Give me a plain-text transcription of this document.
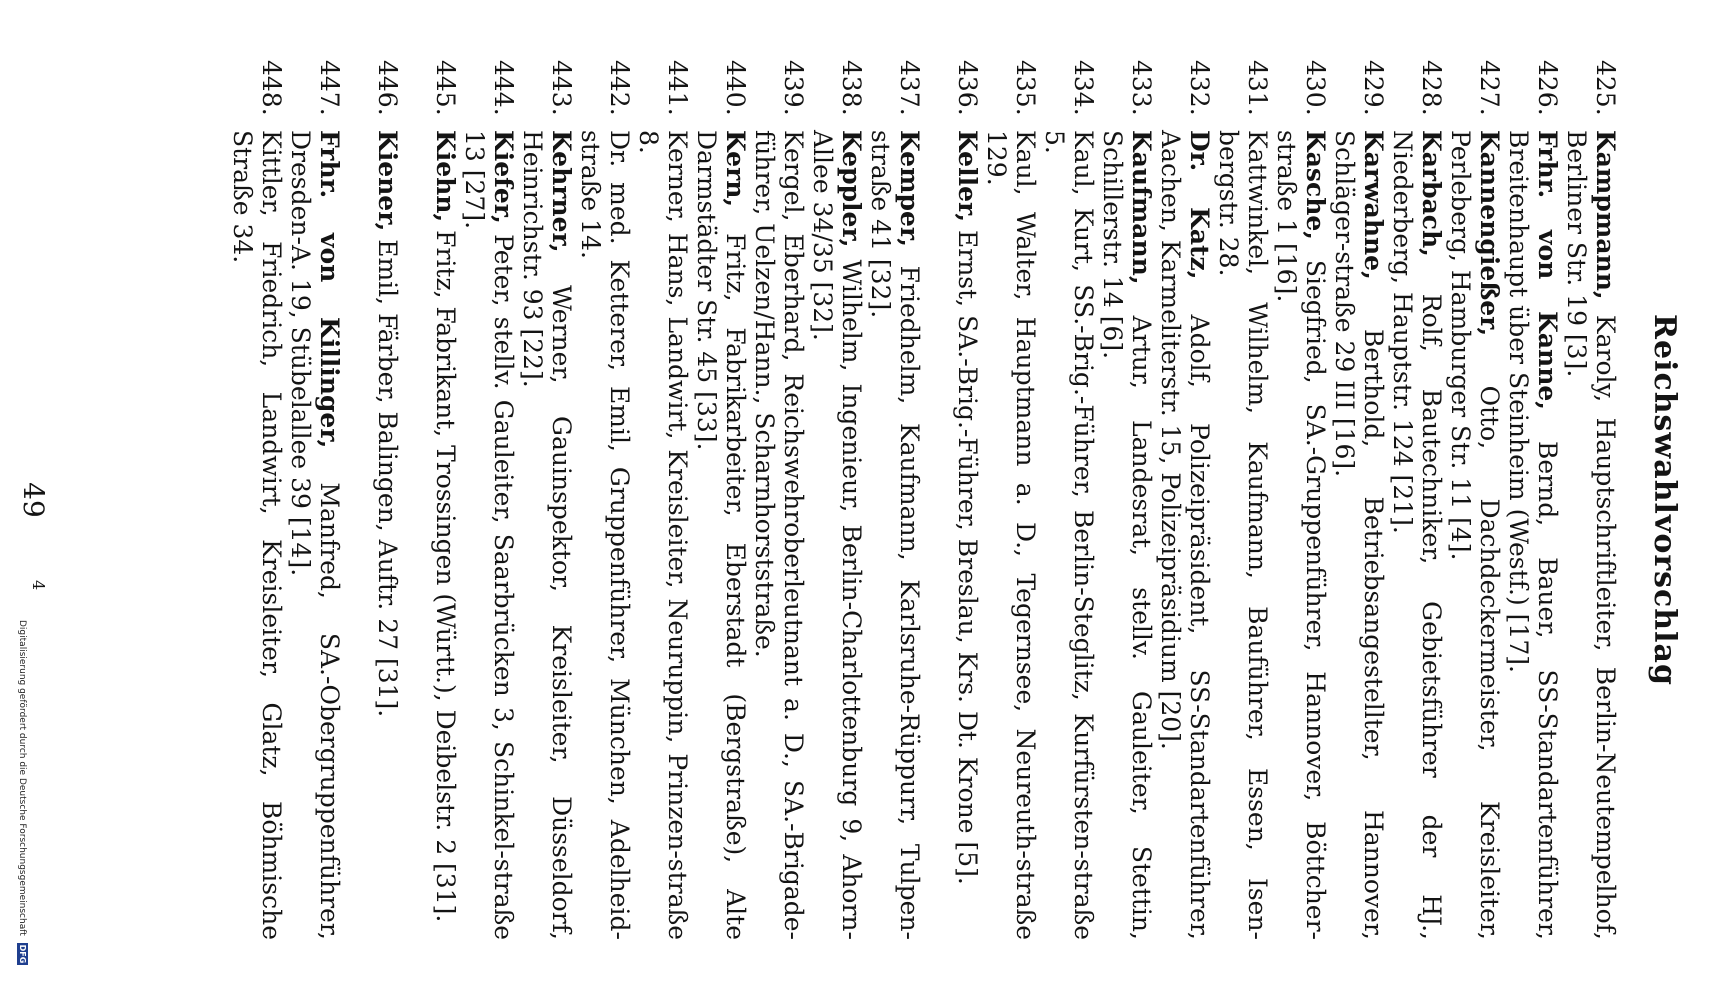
Digitalisierung gefördert durch die Deutsche Forschungsgemeinschaft DFG
Reichswahlvorschlag
425.
Kampmann, Karoly, Hauptschriftleiter, Berlin-Neutempelhof, Berliner Str. 19 [3].
426.
Frhr. von Kanne, Bernd, Bauer, SS-Standartenführer, Breitenhaupt über Steinheim (Westf.) [17].
427.
Kannengießer, Otto, Dachdeckermeister, Kreisleiter, Perleberg, Hamburger Str. 11 [4].
428.
Karbach, Rolf, Bautechniker, Gebietsführer der HJ., Niederberg, Hauptstr. 124 [21].
429.
Karwahne, Berthold, Betriebsangestellter, Hannover, Schläger-straße 29 III [16].
430.
Kasche, Siegfried, SA.-Gruppenführer, Hannover, Böttcher-straße 1 [16].
431.
Kattwinkel, Wilhelm, Kaufmann, Bauführer, Essen, Isen-bergstr. 28.
432.
Dr. Katz, Adolf, Polizeipräsident, SS-Standartenführer, Aachen, Karmeliterstr. 15, Polizeipräsidium [20].
433.
Kaufmann, Artur, Landesrat, stellv. Gauleiter, Stettin, Schillerstr. 14 [6].
434.
Kaul, Kurt, SS.-Brig.-Führer, Berlin-Steglitz, Kurfürsten-straße 5.
435.
Kaul, Walter, Hauptmann a. D., Tegernsee, Neureuth-straße 129.
436.
Keller, Ernst, SA.-Brig.-Führer, Breslau, Krs. Dt. Krone [5].
437.
Kemper, Friedhelm, Kaufmann, Karlsruhe-Rüppurr, Tulpen-straße 41 [32].
438.
Keppler, Wilhelm, Ingenieur, Berlin-Charlottenburg 9, Ahorn-Allee 34/35 [32].
439.
Kergel, Eberhard, Reichswehroberleutnant a. D., SA.-Brigade-führer, Uelzen/Hann., Scharnhorststraße.
440.
Kern, Fritz, Fabrikarbeiter, Eberstadt (Bergstraße), Alte Darmstädter Str. 45 [33].
441.
Kerner, Hans, Landwirt, Kreisleiter, Neuruppin, Prinzen-straße 8.
442.
Dr. med. Ketterer, Emil, Gruppenführer, München, Adelheid-straße 14.
443.
Kehrner, Werner, Gauinspektor, Kreisleiter, Düsseldorf, Heinrichstr. 93 [22].
444.
Kiefer, Peter, stellv. Gauleiter, Saarbrücken 3, Schinkel-straße 13 [27].
445.
Kiehn, Fritz, Fabrikant, Trossingen (Württ.), Deibelstr. 2 [31].
446.
Kiener, Emil, Färber, Balingen, Auftr. 27 [31].
447.
Frhr. von Killinger, Manfred, SA.-Obergruppenführer, Dresden-A. 19, Stübelallee 39 [14].
448.
Kittler, Friedrich, Landwirt, Kreisleiter, Glatz, Böhmische Straße 34.
4
49
